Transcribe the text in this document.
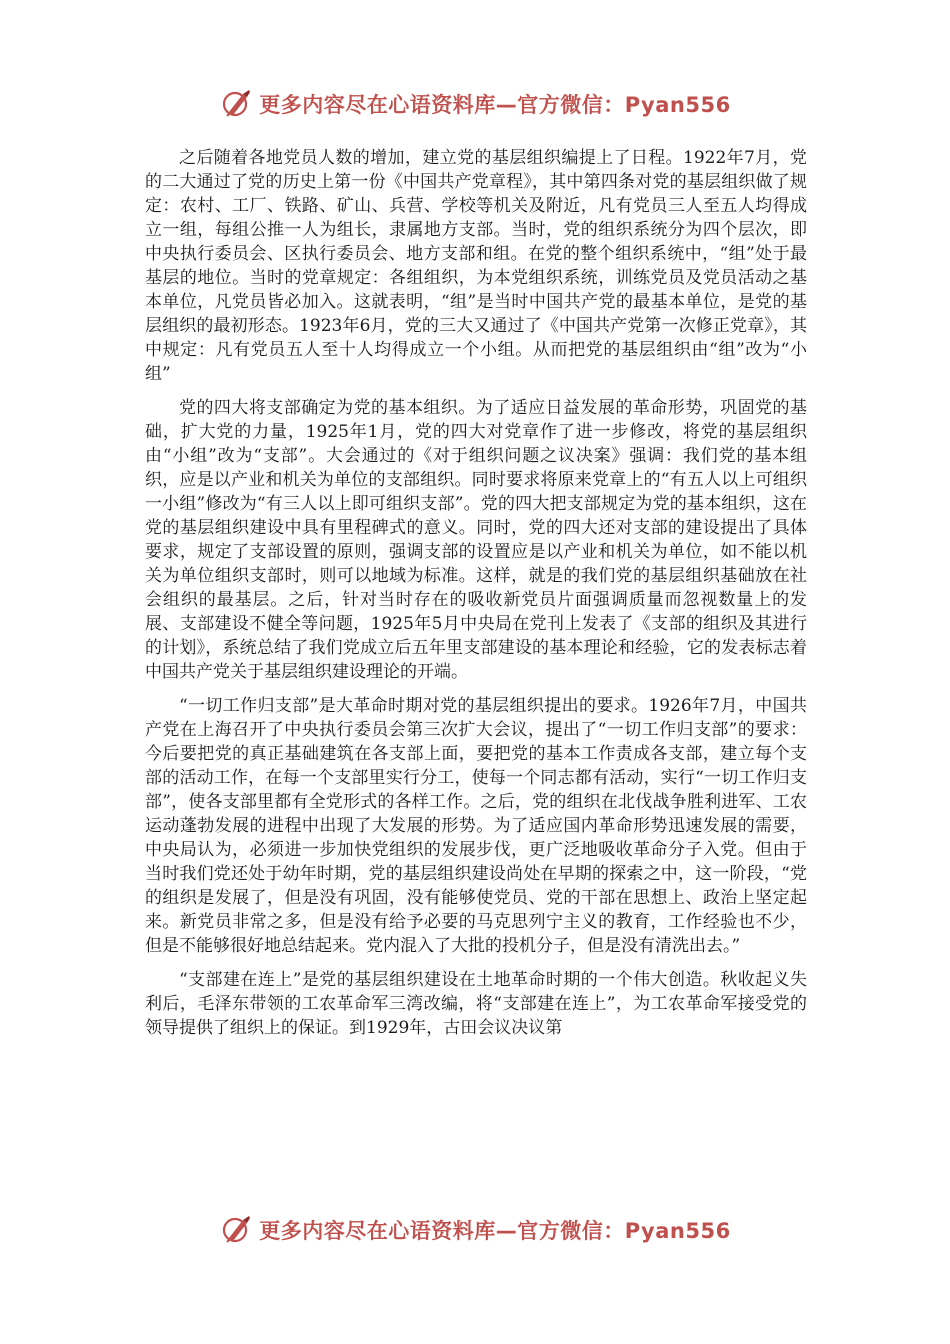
更多内容尽在心语资料库—官方微信：Pyan556

之后随着各地党员人数的增加，建立党的基层组织编提上了日程。1922年7月，党的二大通过了党的历史上第一份《中国共产党章程》，其中第四条对党的基层组织做了规定：农村、工厂、铁路、矿山、兵营、学校等机关及附近，凡有党员三人至五人均得成立一组，每组公推一人为组长，隶属地方支部。当时，党的组织系统分为四个层次，即中央执行委员会、区执行委员会、地方支部和组。在党的整个组织系统中，“组”处于最基层的地位。当时的党章规定：各组组织，为本党组织系统，训练党员及党员活动之基本单位，凡党员皆必加入。这就表明，“组”是当时中国共产党的最基本单位，是党的基层组织的最初形态。1923年6月，党的三大又通过了《中国共产党第一次修正党章》，其中规定：凡有党员五人至十人均得成立一个小组。从而把党的基层组织由“组”改为“小组”

党的四大将支部确定为党的基本组织。为了适应日益发展的革命形势，巩固党的基础，扩大党的力量，1925年1月，党的四大对党章作了进一步修改，将党的基层组织由“小组”改为“支部”。大会通过的《对于组织问题之议决案》强调：我们党的基本组织，应是以产业和机关为单位的支部组织。同时要求将原来党章上的“有五人以上可组织一小组”修改为“有三人以上即可组织支部”。党的四大把支部规定为党的基本组织，这在党的基层组织建设中具有里程碑式的意义。同时，党的四大还对支部的建设提出了具体要求，规定了支部设置的原则，强调支部的设置应是以产业和机关为单位，如不能以机关为单位组织支部时，则可以地域为标准。这样，就是的我们党的基层组织基础放在社会组织的最基层。之后，针对当时存在的吸收新党员片面强调质量而忽视数量上的发展、支部建设不健全等问题，1925年5月中央局在党刊上发表了《支部的组织及其进行的计划》，系统总结了我们党成立后五年里支部建设的基本理论和经验，它的发表标志着中国共产党关于基层组织建设理论的开端。

“一切工作归支部”是大革命时期对党的基层组织提出的要求。1926年7月，中国共产党在上海召开了中央执行委员会第三次扩大会议，提出了“一切工作归支部”的要求：今后要把党的真正基础建筑在各支部上面，要把党的基本工作责成各支部，建立每个支部的活动工作，在每一个支部里实行分工，使每一个同志都有活动，实行“一切工作归支部”，使各支部里都有全党形式的各样工作。之后，党的组织在北伐战争胜利进军、工农运动蓬勃发展的进程中出现了大发展的形势。为了适应国内革命形势迅速发展的需要，中央局认为，必须进一步加快党组织的发展步伐，更广泛地吸收革命分子入党。但由于当时我们党还处于幼年时期，党的基层组织建设尚处在早期的探索之中，这一阶段，“党的组织是发展了，但是没有巩固，没有能够使党员、党的干部在思想上、政治上坚定起来。新党员非常之多，但是没有给予必要的马克思列宁主义的教育，工作经验也不少，但是不能够很好地总结起来。党内混入了大批的投机分子，但是没有清洗出去。”

“支部建在连上”是党的基层组织建设在土地革命时期的一个伟大创造。秋收起义失利后，毛泽东带领的工农革命军三湾改编，将“支部建在连上”，为工农革命军接受党的领导提供了组织上的保证。到1929年，古田会议决议第

更多内容尽在心语资料库—官方微信：Pyan556
